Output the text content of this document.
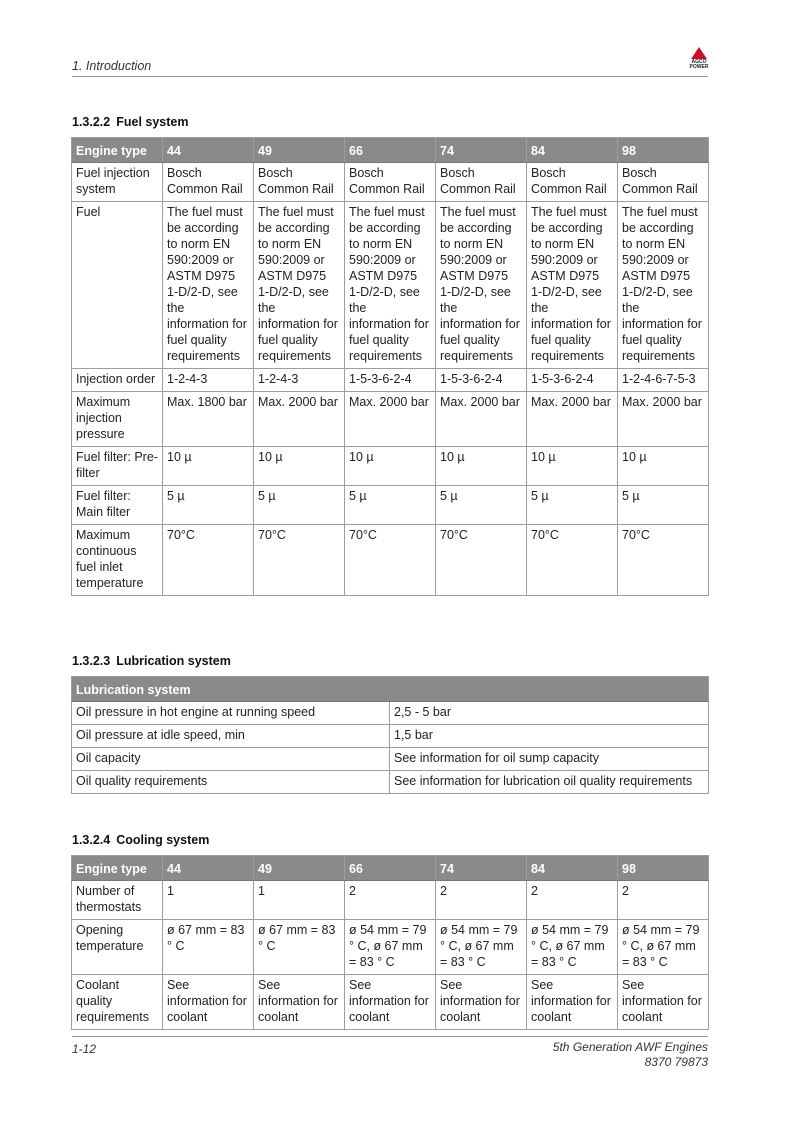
1. Introduction	AGCO
POWER
1.3.2.2 Fuel system
Engine type	44	49	66	74	84	98
Fuel injection system	Bosch Common Rail	Bosch Common Rail	Bosch Common Rail	Bosch Common Rail	Bosch Common Rail	Bosch Common Rail
Fuel	The fuel must be according to norm EN 590:2009 or ASTM D975 1-D/2-D, see the information for fuel quality requirements	The fuel must be according to norm EN 590:2009 or ASTM D975 1-D/2-D, see the information for fuel quality requirements	The fuel must be according to norm EN 590:2009 or ASTM D975 1-D/2-D, see the information for fuel quality requirements	The fuel must be according to norm EN 590:2009 or ASTM D975 1-D/2-D, see the information for fuel quality requirements	The fuel must be according to norm EN 590:2009 or ASTM D975 1-D/2-D, see the information for fuel quality requirements	The fuel must be according to norm EN 590:2009 or ASTM D975 1-D/2-D, see the information for fuel quality requirements
Injection order	1-2-4-3	1-2-4-3	1-5-3-6-2-4	1-5-3-6-2-4	1-5-3-6-2-4	1-2-4-6-7-5-3
Maximum injection pressure	Max. 1800 bar	Max. 2000 bar	Max. 2000 bar	Max. 2000 bar	Max. 2000 bar	Max. 2000 bar
Fuel filter: Pre-filter	10 µ	10 µ	10 µ	10 µ	10 µ	10 µ
Fuel filter: Main filter	5 µ	5 µ	5 µ	5 µ	5 µ	5 µ
Maximum continuous fuel inlet temperature	70°C	70°C	70°C	70°C	70°C	70°C
1.3.2.3 Lubrication system
Lubrication system	
Oil pressure in hot engine at running speed	2,5 - 5 bar
Oil pressure at idle speed, min	1,5 bar
Oil capacity	See information for oil sump capacity
Oil quality requirements	See information for lubrication oil quality requirements
1.3.2.4 Cooling system
Engine type	44	49	66	74	84	98
Number of thermostats	1	1	2	2	2	2
Opening temperature	ø 67 mm = 83 ° C	ø 67 mm = 83 ° C	ø 54 mm = 79 ° C, ø 67 mm = 83 ° C	ø 54 mm = 79 ° C, ø 67 mm = 83 ° C	ø 54 mm = 79 ° C, ø 67 mm = 83 ° C	ø 54 mm = 79 ° C, ø 67 mm = 83 ° C
Coolant quality requirements	See information for coolant	See information for coolant	See information for coolant	See information for coolant	See information for coolant	See information for coolant
1-12	5th Generation AWF Engines
8370 79873
